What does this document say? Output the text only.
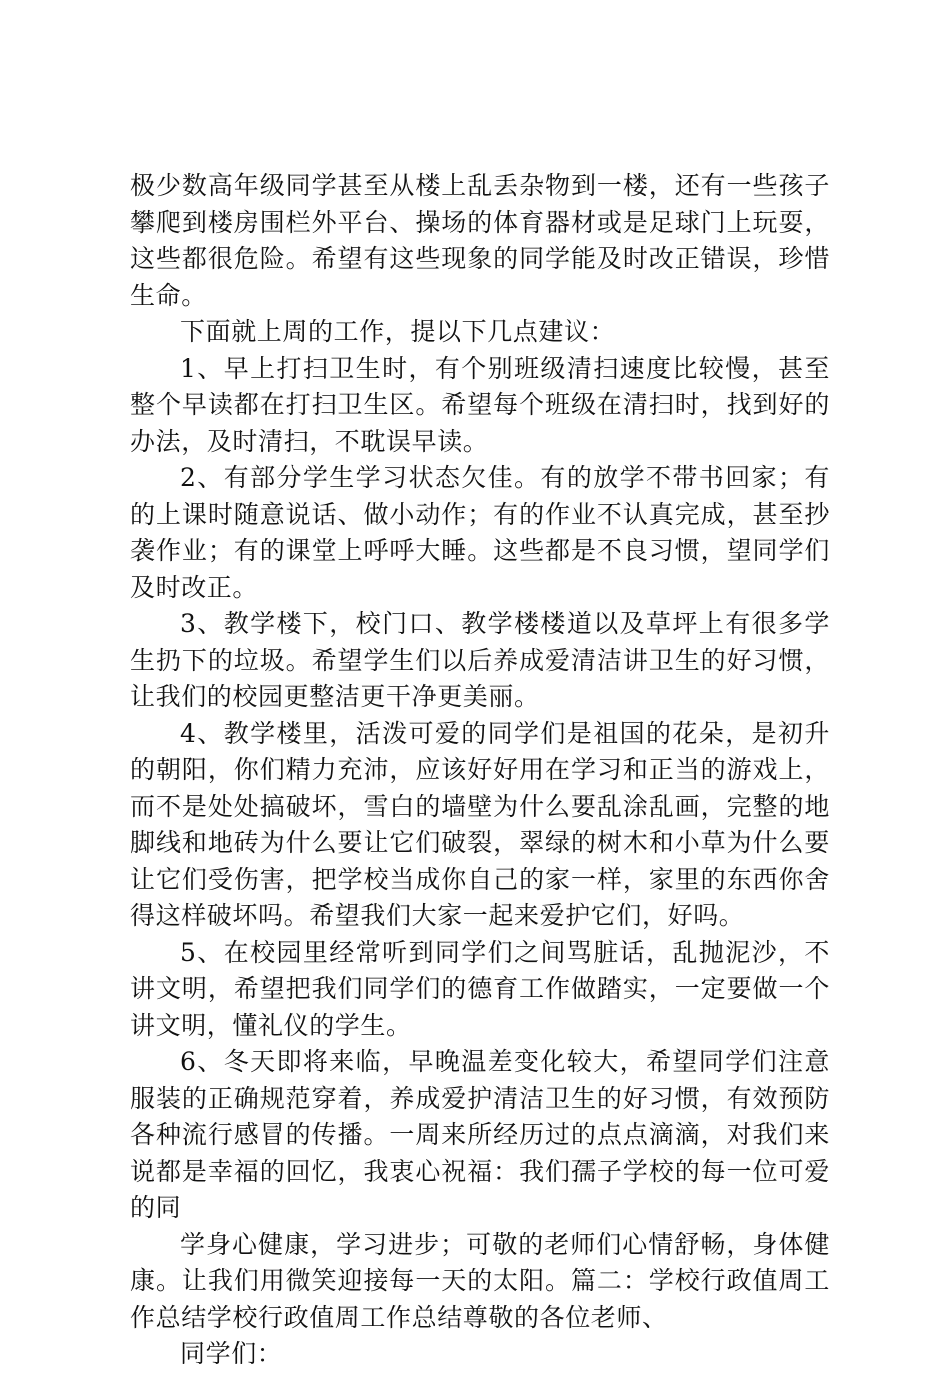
极少数高年级同学甚至从楼上乱丢杂物到一楼，还有一些孩子攀爬到楼房围栏外平台、操场的体育器材或是足球门上玩耍，这些都很危险。希望有这些现象的同学能及时改正错误，珍惜生命。

下面就上周的工作，提以下几点建议：

1、早上打扫卫生时，有个别班级清扫速度比较慢，甚至整个早读都在打扫卫生区。希望每个班级在清扫时，找到好的办法，及时清扫，不耽误早读。

2、有部分学生学习状态欠佳。有的放学不带书回家；有的上课时随意说话、做小动作；有的作业不认真完成，甚至抄袭作业；有的课堂上呼呼大睡。这些都是不良习惯，望同学们及时改正。

3、教学楼下，校门口、教学楼楼道以及草坪上有很多学生扔下的垃圾。希望学生们以后养成爱清洁讲卫生的好习惯，让我们的校园更整洁更干净更美丽。

4、教学楼里，活泼可爱的同学们是祖国的花朵，是初升的朝阳，你们精力充沛，应该好好用在学习和正当的游戏上，而不是处处搞破坏，雪白的墙壁为什么要乱涂乱画，完整的地脚线和地砖为什么要让它们破裂，翠绿的树木和小草为什么要让它们受伤害，把学校当成你自己的家一样，家里的东西你舍得这样破坏吗。希望我们大家一起来爱护它们，好吗。

5、在校园里经常听到同学们之间骂脏话，乱抛泥沙，不讲文明，希望把我们同学们的德育工作做踏实，一定要做一个讲文明，懂礼仪的学生。

6、冬天即将来临，早晚温差变化较大，希望同学们注意服装的正确规范穿着，养成爱护清洁卫生的好习惯，有效预防各种流行感冒的传播。一周来所经历过的点点滴滴，对我们来说都是幸福的回忆，我衷心祝福：我们孺子学校的每一位可爱的同

学身心健康，学习进步；可敬的老师们心情舒畅，身体健康。让我们用微笑迎接每一天的太阳。篇二：学校行政值周工作总结学校行政值周工作总结尊敬的各位老师、

同学们：
